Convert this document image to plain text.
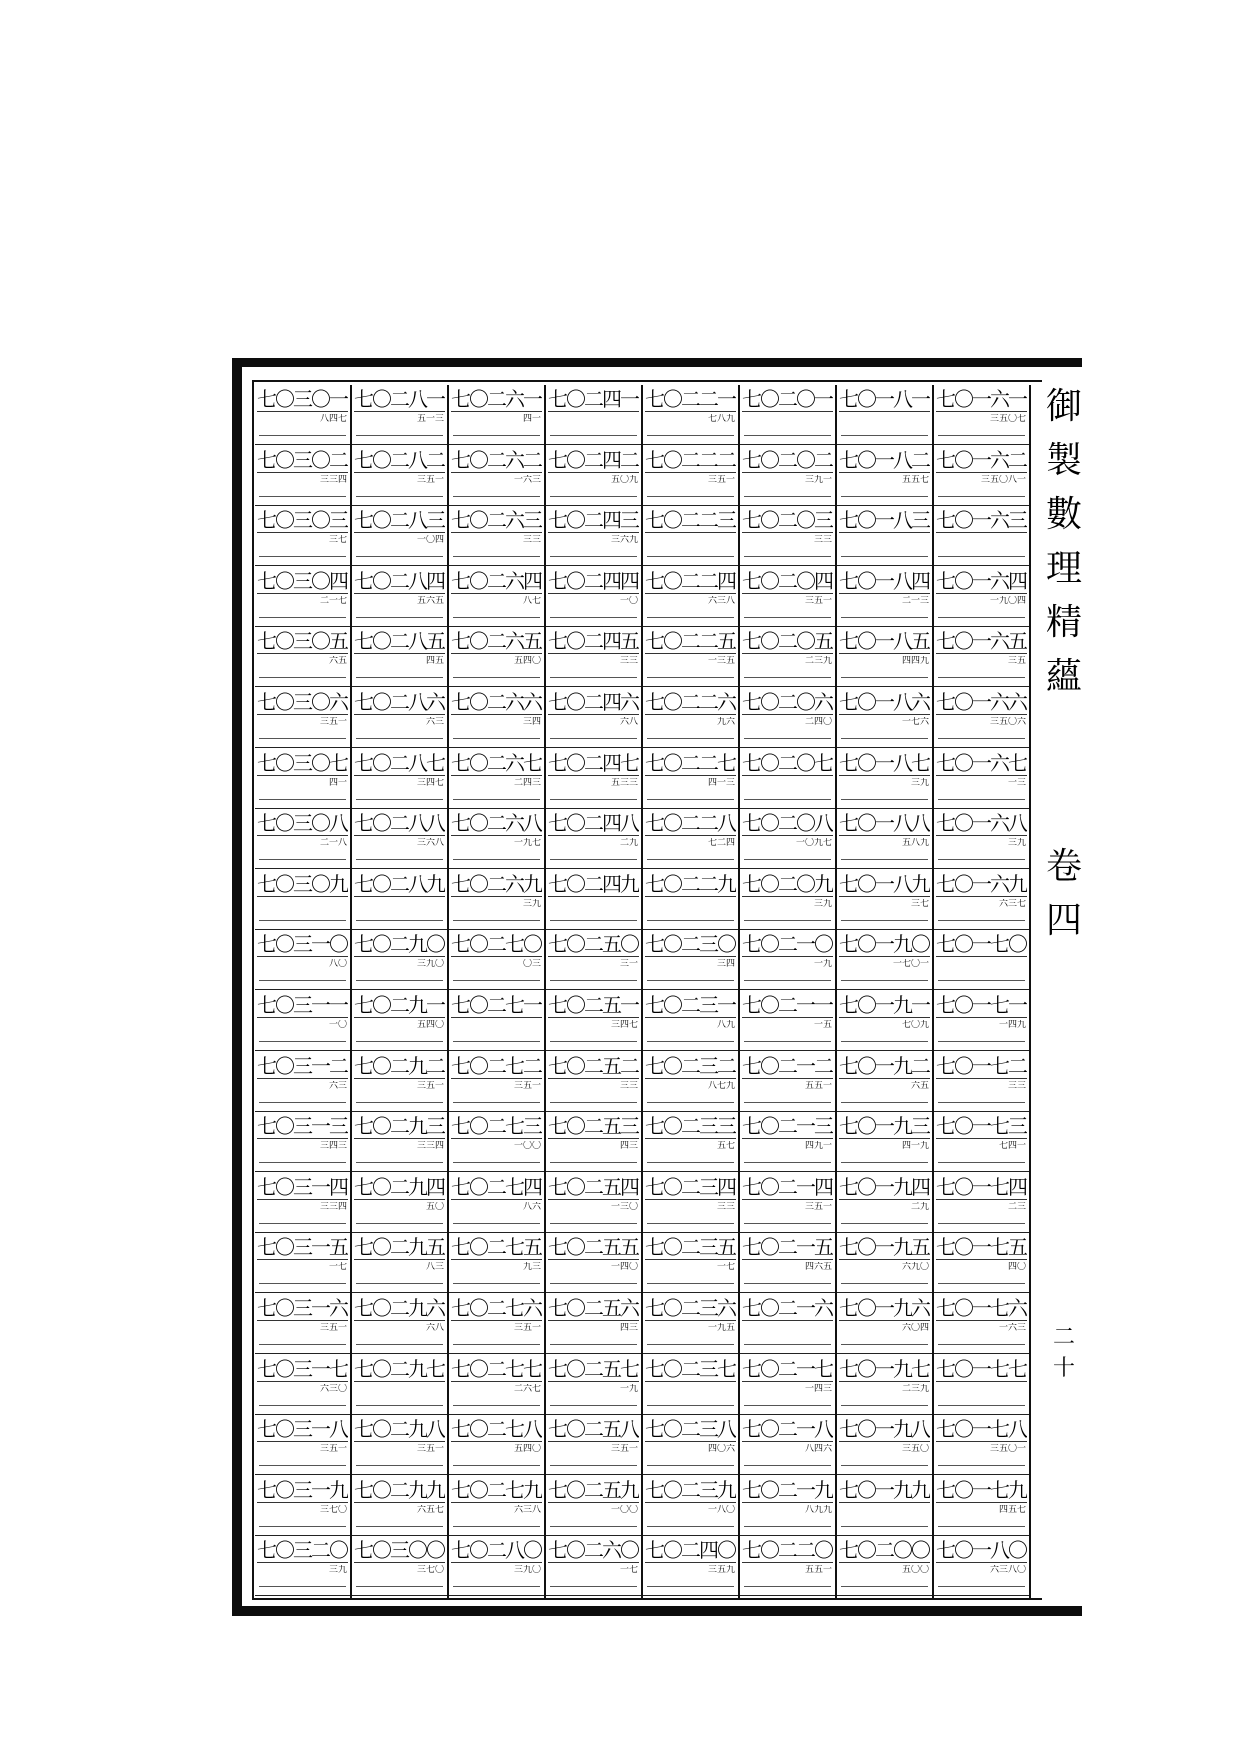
七〇一六一
三五〇七
七〇一六二
三五〇八一
七〇一六三
七〇一六四
一九〇四
七〇一六五
三五
七〇一六六
三五〇六
七〇一六七
一三
七〇一六八
三九
七〇一六九
六三七
七〇一七〇
七〇一七一
一四九
七〇一七二
三三
七〇一七三
七四一
七〇一七四
二三
七〇一七五
四〇
七〇一七六
一六三
七〇一七七
七〇一七八
三五〇一
七〇一七九
四五七
七〇一八〇
六三八〇
七〇一八一
七〇一八二
五五七
七〇一八三
七〇一八四
二一三
七〇一八五
四四九
七〇一八六
一七六
七〇一八七
三九
七〇一八八
五八九
七〇一八九
三七
七〇一九〇
一七〇一
七〇一九一
七〇九
七〇一九二
六五
七〇一九三
四一九
七〇一九四
二九
七〇一九五
六九〇
七〇一九六
六〇四
七〇一九七
二三九
七〇一九八
三五〇
七〇一九九
七〇二〇〇
五〇〇
七〇二〇一
七〇二〇二
三九一
七〇二〇三
三三
七〇二〇四
三五一
七〇二〇五
二三九
七〇二〇六
二四〇
七〇二〇七
七〇二〇八
一〇九七
七〇二〇九
三九
七〇二一〇
一九
七〇二一一
一五
七〇二一二
五五一
七〇二一三
四九一
七〇二一四
三五一
七〇二一五
四六五
七〇二一六
七〇二一七
一四三
七〇二一八
八四六
七〇二一九
八九九
七〇二二〇
五五一
七〇二二一
七八九
七〇二二二
三五一
七〇二二三
七〇二二四
六三八
七〇二二五
一三五
七〇二二六
九六
七〇二二七
四一三
七〇二二八
七二四
七〇二二九
七〇二三〇
三四
七〇二三一
八九
七〇二三二
八七九
七〇二三三
五七
七〇二三四
三三
七〇二三五
一七
七〇二三六
一九五
七〇二三七
七〇二三八
四〇六
七〇二三九
一八〇
七〇二四〇
三五九
七〇二四一
七〇二四二
五〇九
七〇二四三
三六九
七〇二四四
一〇
七〇二四五
三三
七〇二四六
六八
七〇二四七
五三三
七〇二四八
二九
七〇二四九
七〇二五〇
三一
七〇二五一
三四七
七〇二五二
三三
七〇二五三
四三
七〇二五四
一三〇
七〇二五五
一四〇
七〇二五六
四三
七〇二五七
一九
七〇二五八
三五一
七〇二五九
一〇〇
七〇二六〇
一七
七〇二六一
四一
七〇二六二
一六三
七〇二六三
三三
七〇二六四
八七
七〇二六五
五四〇
七〇二六六
三四
七〇二六七
二四三
七〇二六八
一九七
七〇二六九
三九
七〇二七〇
〇三
七〇二七一
七〇二七二
三五一
七〇二七三
一〇〇
七〇二七四
八六
七〇二七五
九三
七〇二七六
三五一
七〇二七七
二六七
七〇二七八
五四〇
七〇二七九
六三八
七〇二八〇
三九〇
七〇二八一
五一三
七〇二八二
三五一
七〇二八三
一〇四
七〇二八四
五六五
七〇二八五
四五
七〇二八六
六三
七〇二八七
三四七
七〇二八八
三六八
七〇二八九
七〇二九〇
三九〇
七〇二九一
五四〇
七〇二九二
三五一
七〇二九三
三三四
七〇二九四
五〇
七〇二九五
八三
七〇二九六
六八
七〇二九七
七〇二九八
三五一
七〇二九九
六五七
七〇三〇〇
三七〇
七〇三〇一
八四七
七〇三〇二
三三四
七〇三〇三
三七
七〇三〇四
二一七
七〇三〇五
六五
七〇三〇六
三五一
七〇三〇七
四一
七〇三〇八
二一八
七〇三〇九
七〇三一〇
八〇
七〇三一一
一〇
七〇三一二
六三
七〇三一三
三四三
七〇三一四
三三四
七〇三一五
一七
七〇三一六
三五一
七〇三一七
六三〇
七〇三一八
三五一
七〇三一九
三七〇
七〇三二〇
三九
御
製
數
理
精
蘊
卷
四
二十
